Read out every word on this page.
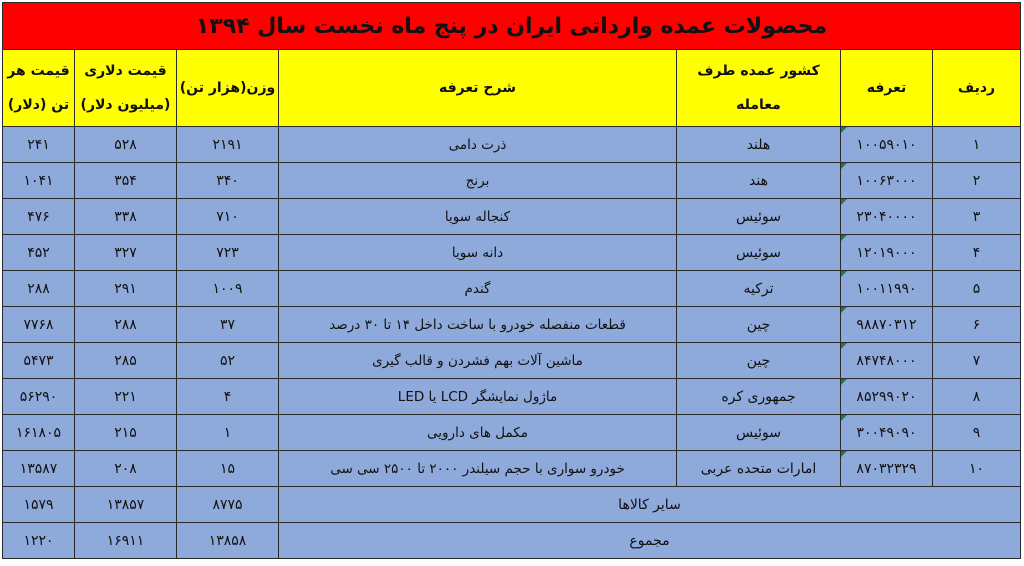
محصولات عمده وارداتی ایران در پنج ماه نخست سال ۱۳۹۴						
ردیف	تعرفه	کشور عمده طرف معامله	شرح تعرفه	وزن(هزار تن)	قیمت دلاری (میلیون دلار)	قیمت هر تن (دلار)
۱	۱۰۰۵۹۰۱۰	هلند	ذرت دامی	۲۱۹۱	۵۲۸	۲۴۱
۲	۱۰۰۶۳۰۰۰	هند	برنج	۳۴۰	۳۵۴	۱۰۴۱
۳	۲۳۰۴۰۰۰۰	سوئیس	کنجاله سویا	۷۱۰	۳۳۸	۴۷۶
۴	۱۲۰۱۹۰۰۰	سوئیس	دانه سویا	۷۲۳	۳۲۷	۴۵۲
۵	۱۰۰۱۱۹۹۰	ترکیه	گندم	۱۰۰۹	۲۹۱	۲۸۸
۶	۹۸۸۷۰۳۱۲	چین	قطعات منفصله خودرو با ساخت داخل ۱۴ تا ۳۰ درصد	۳۷	۲۸۸	۷۷۶۸
۷	۸۴۷۴۸۰۰۰	چین	ماشین آلات بهم فشردن و قالب گیری	۵۲	۲۸۵	۵۴۷۳
۸	۸۵۲۹۹۰۲۰	جمهوری کره	ماژول نمایشگر LCD یا LED	۴	۲۲۱	۵۶۲۹۰
۹	۳۰۰۴۹۰۹۰	سوئیس	مکمل های دارویی	۱	۲۱۵	۱۶۱۸۰۵
۱۰	۸۷۰۳۲۳۲۹	امارات متحده عربی	خودرو سواری با حجم سیلندر ۲۰۰۰ تا ۲۵۰۰ سی سی	۱۵	۲۰۸	۱۳۵۸۷
سایر کالاها				۸۷۷۵	۱۳۸۵۷	۱۵۷۹
مجموع				۱۳۸۵۸	۱۶۹۱۱	۱۲۲۰
